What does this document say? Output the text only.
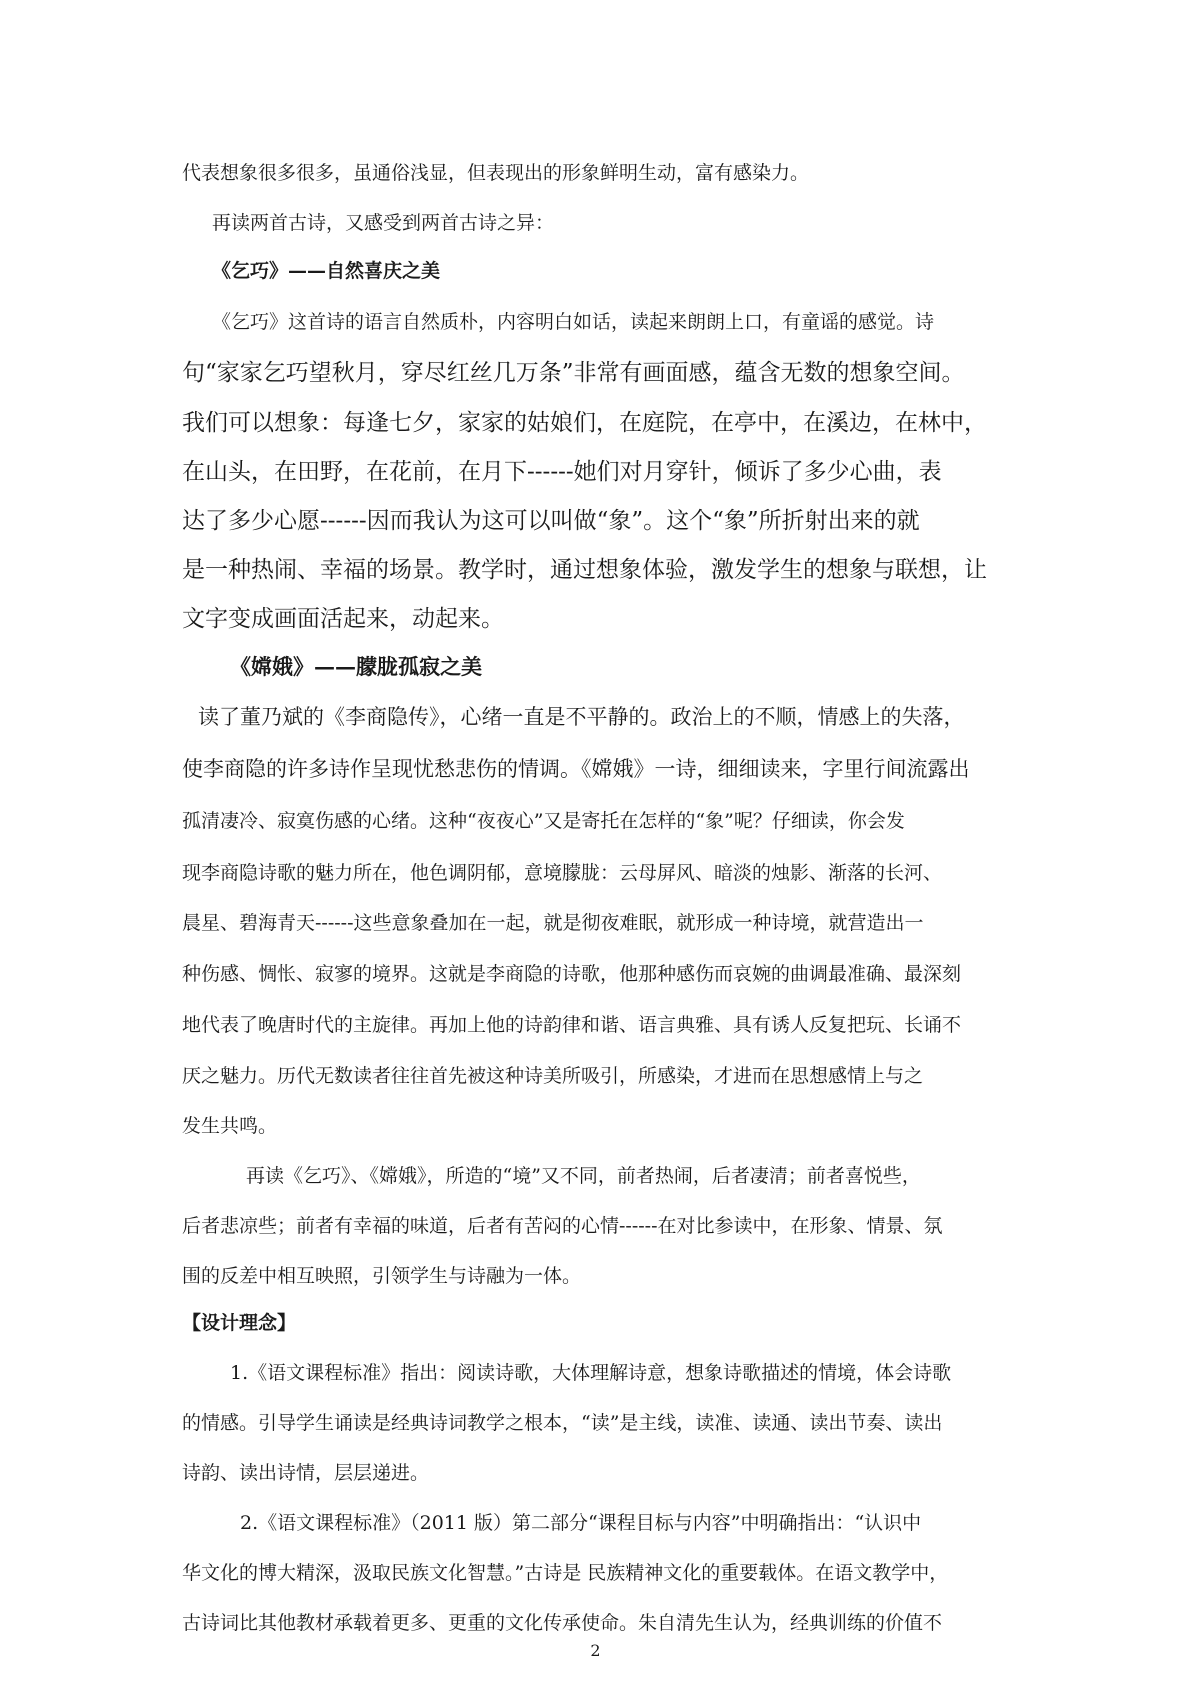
代表想象很多很多，虽通俗浅显，但表现出的形象鲜明生动，富有感染力。
再读两首古诗，又感受到两首古诗之异：
《乞巧》——自然喜庆之美
《乞巧》这首诗的语言自然质朴，内容明白如话，读起来朗朗上口，有童谣的感觉。诗
句“家家乞巧望秋月，穿尽红丝几万条”非常有画面感，蕴含无数的想象空间。
我们可以想象：每逢七夕，家家的姑娘们，在庭院，在亭中，在溪边，在林中，
在山头，在田野，在花前，在月下------她们对月穿针，倾诉了多少心曲，表
达了多少心愿------因而我认为这可以叫做“象”。这个“象”所折射出来的就
是一种热闹、幸福的场景。教学时，通过想象体验，激发学生的想象与联想，让
文字变成画面活起来，动起来。
《嫦娥》——朦胧孤寂之美
读了董乃斌的《李商隐传》，心绪一直是不平静的。政治上的不顺，情感上的失落，
使李商隐的许多诗作呈现忧愁悲伤的情调。《嫦娥》一诗，细细读来，字里行间流露出
孤清凄冷、寂寞伤感的心绪。这种“夜夜心”又是寄托在怎样的“象”呢？仔细读，你会发
现李商隐诗歌的魅力所在，他色调阴郁，意境朦胧：云母屏风、暗淡的烛影、渐落的长河、
晨星、碧海青天------这些意象叠加在一起，就是彻夜难眠，就形成一种诗境，就营造出一
种伤感、惆怅、寂寥的境界。这就是李商隐的诗歌，他那种感伤而哀婉的曲调最准确、最深刻
地代表了晚唐时代的主旋律。再加上他的诗韵律和谐、语言典雅、具有诱人反复把玩、长诵不
厌之魅力。历代无数读者往往首先被这种诗美所吸引，所感染，才进而在思想感情上与之
发生共鸣。
再读《乞巧》、《嫦娥》，所造的“境”又不同，前者热闹，后者凄清；前者喜悦些，
后者悲凉些；前者有幸福的味道，后者有苦闷的心情------在对比参读中，在形象、情景、氛
围的反差中相互映照，引领学生与诗融为一体。
【设计理念】
1.《语文课程标准》指出：阅读诗歌，大体理解诗意，想象诗歌描述的情境，体会诗歌
的情感。引导学生诵读是经典诗词教学之根本，“读”是主线，读准、读通、读出节奏、读出
诗韵、读出诗情，层层递进。
2.《语文课程标准》（2011 版）第二部分“课程目标与内容”中明确指出：“认识中
华文化的博大精深，汲取民族文化智慧。”古诗是 民族精神文化的重要载体。在语文教学中，
古诗词比其他教材承载着更多、更重的文化传承使命。朱自清先生认为，经典训练的价值不
2
